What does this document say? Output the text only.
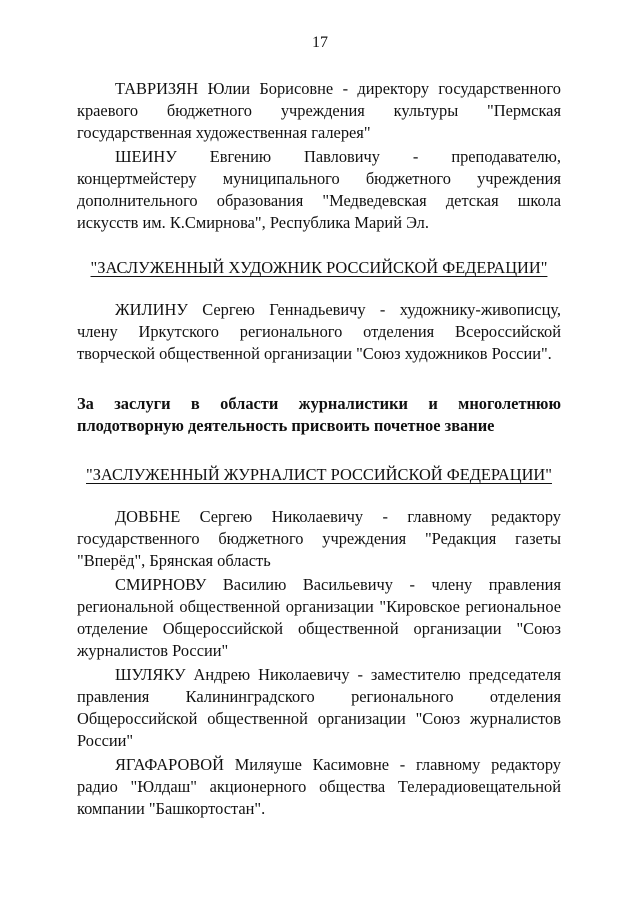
17

ТАВРИЗЯН Юлии Борисовне - директору государственного краевого бюджетного учреждения культуры "Пермская государственная художественная галерея"

ШЕИНУ Евгению Павловичу - преподавателю, концертмейстеру муниципального бюджетного учреждения дополнительного образования "Медведевская детская школа искусств им. К.Смирнова", Республика Марий Эл.

"ЗАСЛУЖЕННЫЙ ХУДОЖНИК РОССИЙСКОЙ ФЕДЕРАЦИИ"

ЖИЛИНУ Сергею Геннадьевичу - художнику-живописцу, члену Иркутского регионального отделения Всероссийской творческой общественной организации "Союз художников России".

За заслуги в области журналистики и многолетнюю
плодотворную деятельность присвоить почетное звание

"ЗАСЛУЖЕННЫЙ ЖУРНАЛИСТ РОССИЙСКОЙ ФЕДЕРАЦИИ"

ДОВБНЕ Сергею Николаевичу - главному редактору государственного бюджетного учреждения "Редакция газеты "Вперёд", Брянская область

СМИРНОВУ Василию Васильевичу - члену правления региональной общественной организации "Кировское региональное отделение Общероссийской общественной организации "Союз журналистов России"

ШУЛЯКУ Андрею Николаевичу - заместителю председателя правления Калининградского регионального отделения Общероссийской общественной организации "Союз журналистов России"

ЯГАФАРОВОЙ Миляуше Касимовне - главному редактору радио "Юлдаш" акционерного общества Телерадиовещательной компании "Башкортостан".
